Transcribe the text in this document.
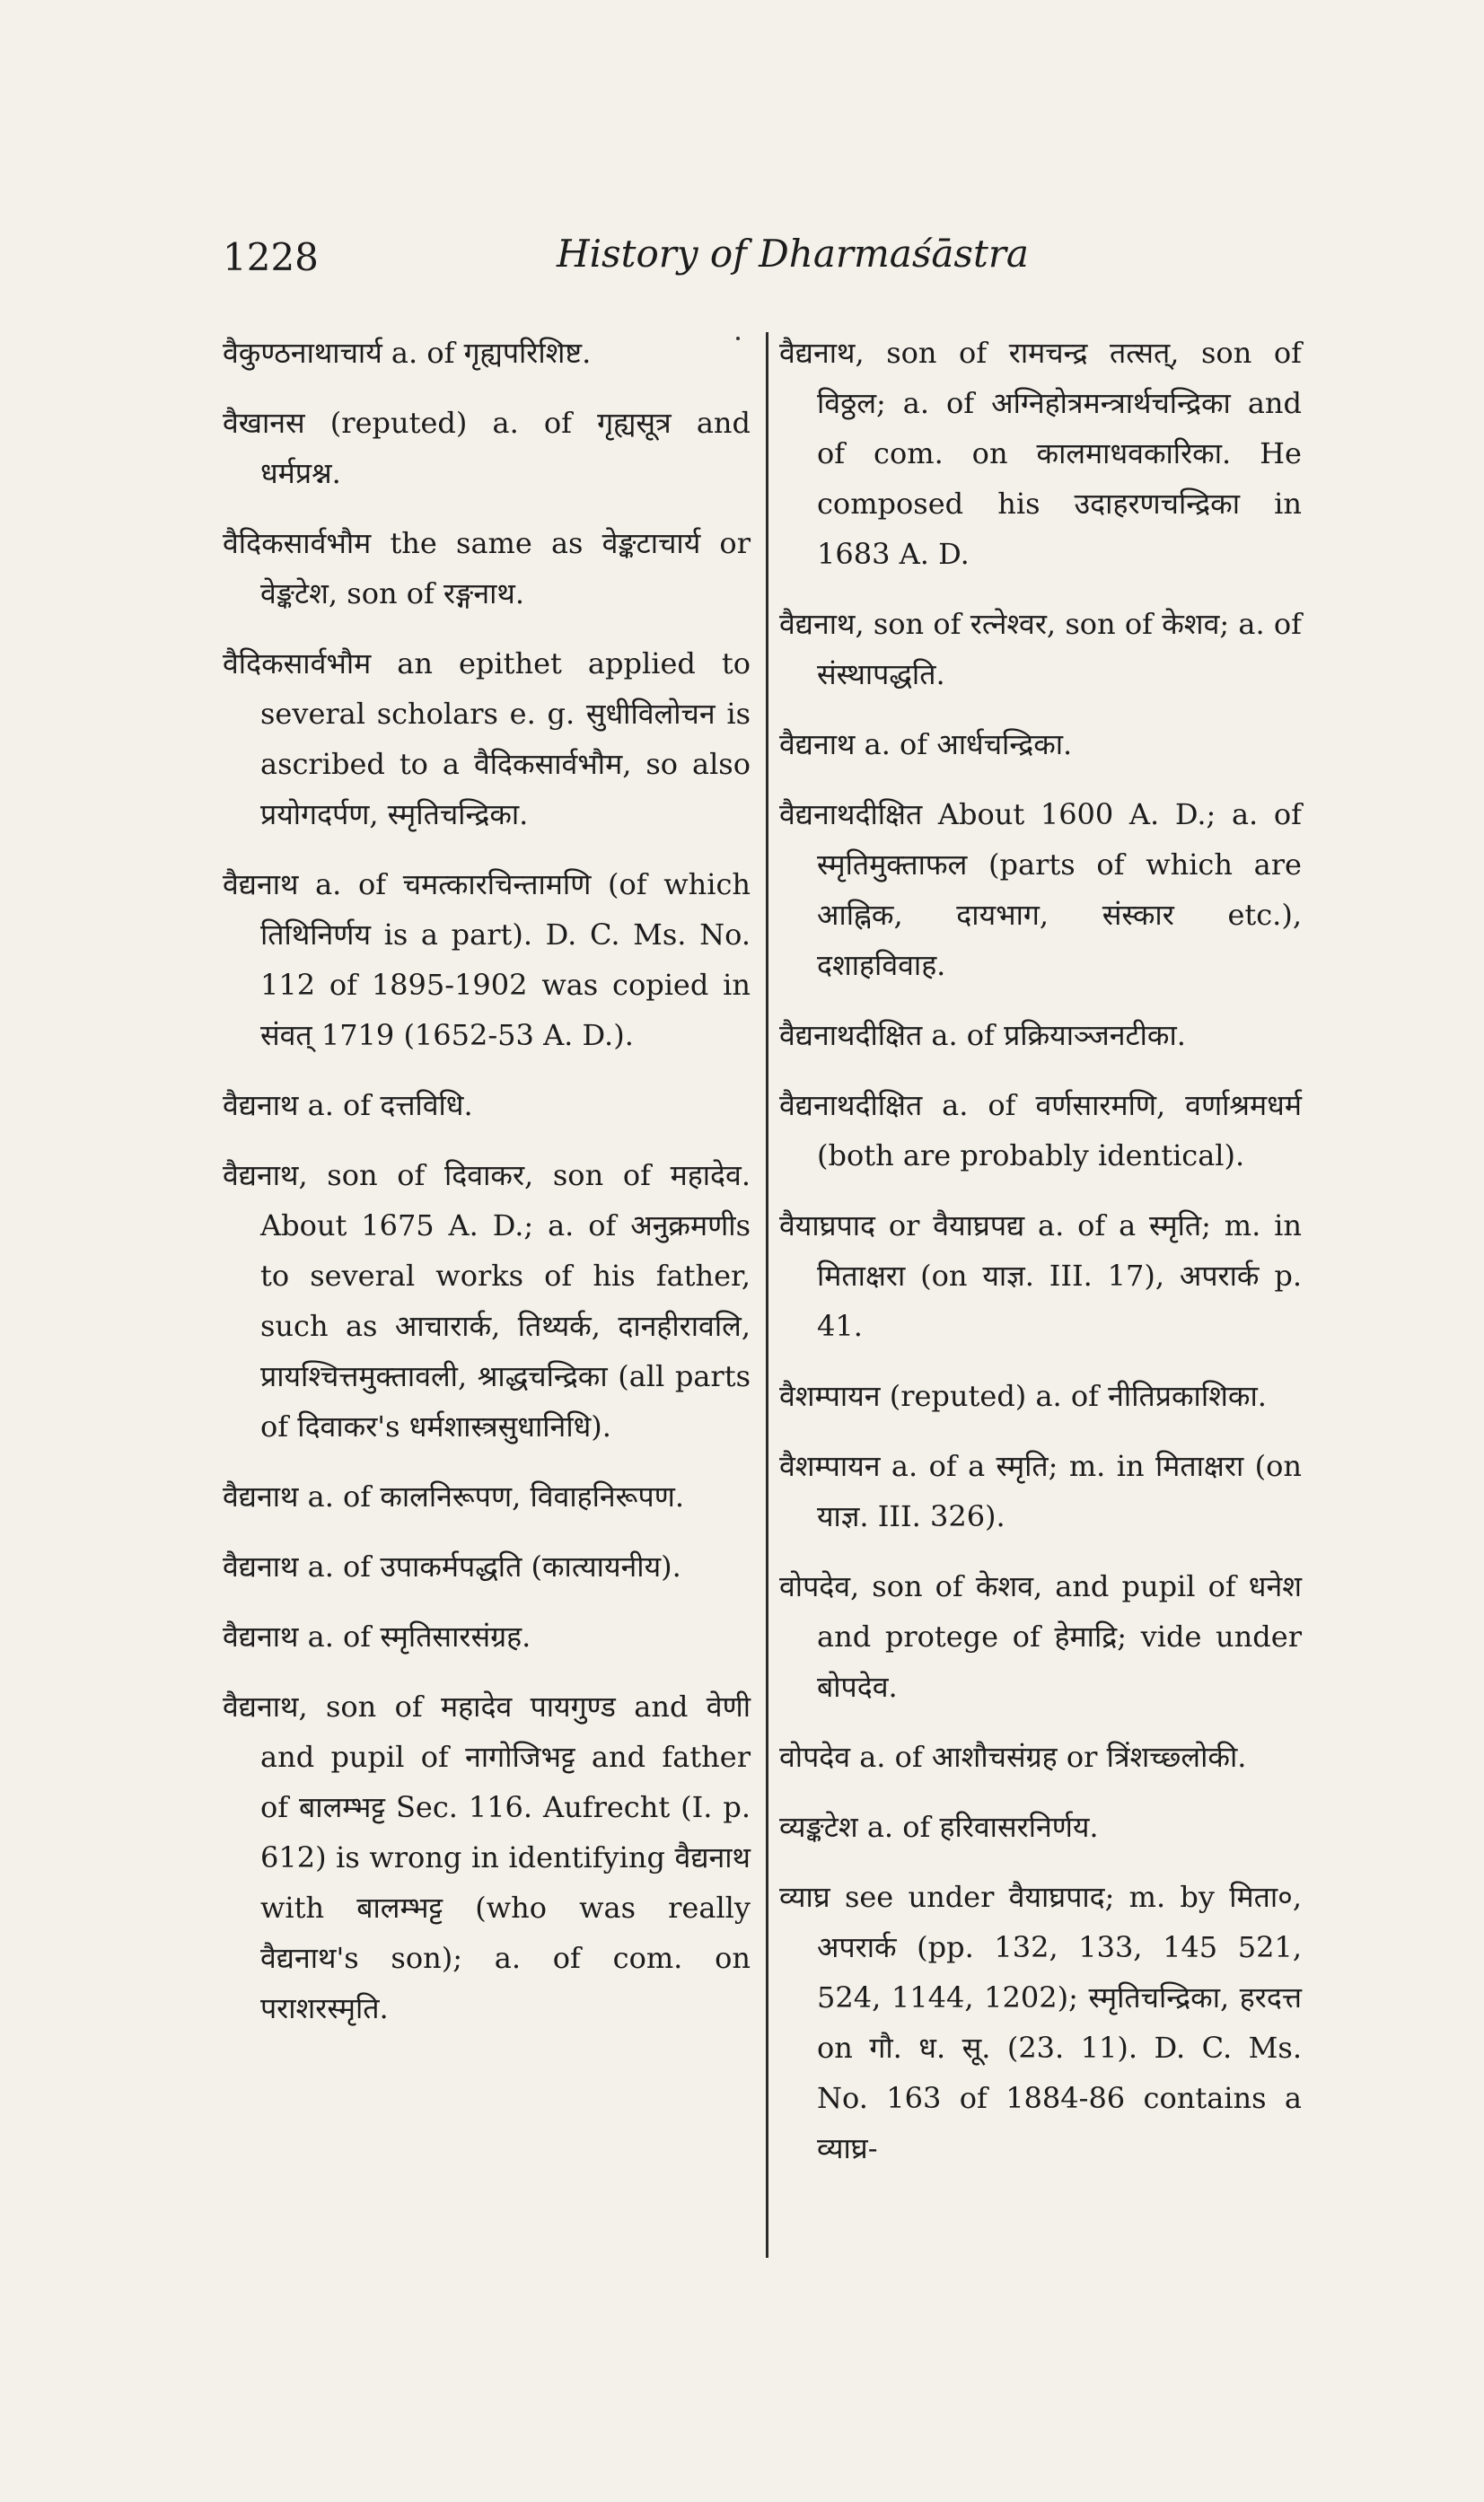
1228	History of Dharmaśāstra

वैकुण्ठनाथाचार्य a. of गृह्यपरिशिष्ट.

वैखानस (reputed) a. of गृह्यसूत्र and धर्मप्रश्न.

वैदिकसार्वभौम the same as वेङ्कटाचार्य or वेङ्कटेश, son of रङ्गनाथ.

वैदिकसार्वभौम an epithet applied to several scholars e. g. सुधीविलोचन is ascribed to a वैदिकसार्वभौम, so also प्रयोगदर्पण, स्मृतिचन्द्रिका.

वैद्यनाथ a. of चमत्कारचिन्तामणि (of which तिथिनिर्णय is a part). D. C. Ms. No. 112 of 1895-1902 was copied in संवत् 1719 (1652-53 A. D.).

वैद्यनाथ a. of दत्तविधि.

वैद्यनाथ, son of दिवाकर, son of महादेव. About 1675 A. D.; a. of अनुक्रमणीs to several works of his father, such as आचारार्क, तिथ्यर्क, दानहीरावलि, प्रायश्चित्तमुक्तावली, श्राद्धचन्द्रिका (all parts of दिवाकर's धर्मशास्त्रसुधानिधि).

वैद्यनाथ a. of कालनिरूपण, विवाहनिरूपण.

वैद्यनाथ a. of उपाकर्मपद्धति (कात्यायनीय).

वैद्यनाथ a. of स्मृतिसारसंग्रह.

वैद्यनाथ, son of महादेव पायगुण्ड and वेणी and pupil of नागोजिभट्ट and father of बालम्भट्ट Sec. 116. Aufrecht (I. p. 612) is wrong in identifying वैद्यनाथ with बालम्भट्ट (who was really वैद्यनाथ's son); a. of com. on पराशरस्मृति.

वैद्यनाथ, son of रामचन्द्र तत्सत्, son of विठ्ठल; a. of अग्निहोत्रमन्त्रार्थचन्द्रिका and of com. on कालमाधवकारिका. He composed his उदाहरणचन्द्रिका in 1683 A. D.

वैद्यनाथ, son of रत्नेश्वर, son of केशव; a. of संस्थापद्धति.

वैद्यनाथ a. of आर्धचन्द्रिका.

वैद्यनाथदीक्षित About 1600 A. D.; a. of स्मृतिमुक्ताफल (parts of which are आह्निक, दायभाग, संस्कार etc.), दशाहविवाह.

वैद्यनाथदीक्षित a. of प्रक्रियाञ्जनटीका.

वैद्यनाथदीक्षित a. of वर्णसारमणि, वर्णाश्रमधर्म (both are probably identical).

वैयाघ्रपाद or वैयाघ्रपद्य a. of a स्मृति; m. in मिताक्षरा (on याज्ञ. III. 17), अपरार्क p. 41.

वैशम्पायन (reputed) a. of नीतिप्रकाशिका.

वैशम्पायन a. of a स्मृति; m. in मिताक्षरा (on याज्ञ. III. 326).

वोपदेव, son of केशव, and pupil of धनेश and protege of हेमाद्रि; vide under बोपदेव.

वोपदेव a. of आशौचसंग्रह or त्रिंशच्छ्लोकी.

व्यङ्कटेश a. of हरिवासरनिर्णय.

व्याघ्र see under वैयाघ्रपाद; m. by मिता०, अपरार्क (pp. 132, 133, 145 521, 524, 1144, 1202); स्मृतिचन्द्रिका, हरदत्त on गौ. ध. सू. (23. 11). D. C. Ms. No. 163 of 1884-86 contains a व्याघ्र-
